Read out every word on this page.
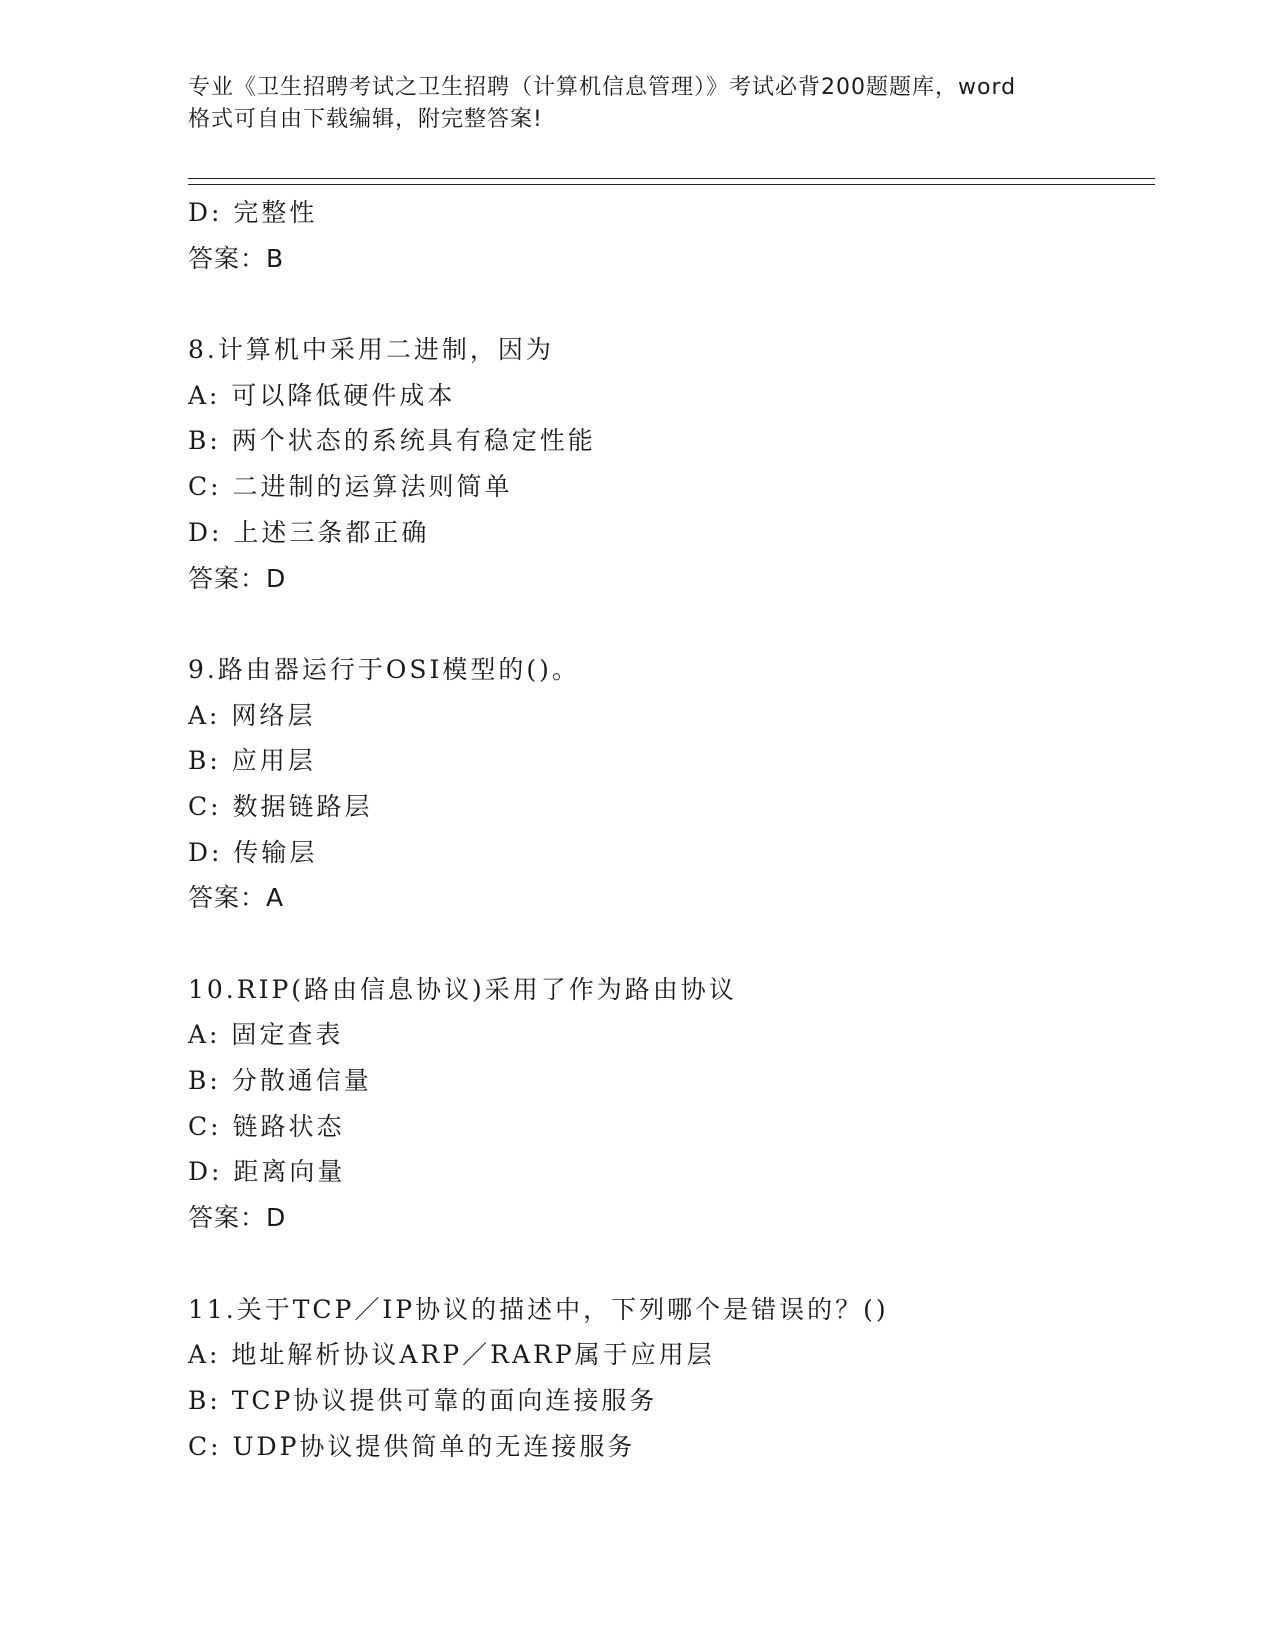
专业《卫生招聘考试之卫生招聘（计算机信息管理）》考试必背200题题库，word
格式可自由下载编辑，附完整答案!
D: 完整性
答案：B
8.计算机中采用二进制，因为
A: 可以降低硬件成本
B: 两个状态的系统具有稳定性能
C: 二进制的运算法则简单
D: 上述三条都正确
答案：D
9.路由器运行于OSI模型的()。
A: 网络层
B: 应用层
C: 数据链路层
D: 传输层
答案：A
10.RIP(路由信息协议)采用了作为路由协议
A: 固定查表
B: 分散通信量
C: 链路状态
D: 距离向量
答案：D
11.关于TCP／IP协议的描述中，下列哪个是错误的？()
A: 地址解析协议ARP／RARP属于应用层
B: TCP协议提供可靠的面向连接服务
C: UDP协议提供简单的无连接服务
